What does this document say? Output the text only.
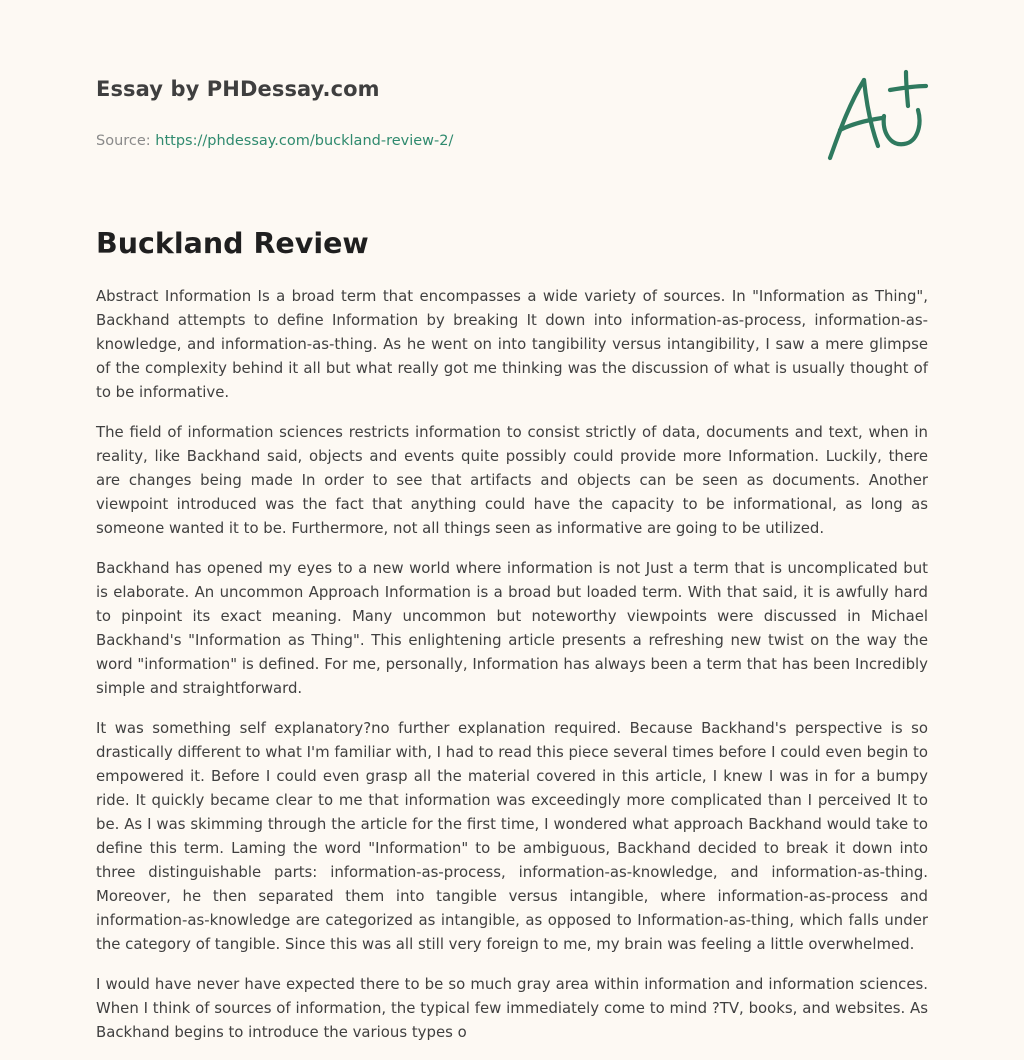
Essay by PHDessay.com
Source: https://phdessay.com/buckland-review-2/
Buckland Review

Abstract Information Is a broad term that encompasses a wide variety of sources. In "Information as Thing", Backhand attempts to define Information by breaking It down into information-as-process, information-as-knowledge, and information-as-thing. As he went on into tangibility versus intangibility, I saw a mere glimpse of the complexity behind it all but what really got me thinking was the discussion of what is usually thought of to be informative.

The field of information sciences restricts information to consist strictly of data, documents and text, when in reality, like Backhand said, objects and events quite possibly could provide more Information. Luckily, there are changes being made In order to see that artifacts and objects can be seen as documents. Another viewpoint introduced was the fact that anything could have the capacity to be informational, as long as someone wanted it to be. Furthermore, not all things seen as informative are going to be utilized.

Backhand has opened my eyes to a new world where information is not Just a term that is uncomplicated but is elaborate. An uncommon Approach Information is a broad but loaded term. With that said, it is awfully hard to pinpoint its exact meaning. Many uncommon but noteworthy viewpoints were discussed in Michael Backhand's "Information as Thing". This enlightening article presents a refreshing new twist on the way the word "information" is defined. For me, personally, Information has always been a term that has been Incredibly simple and straightforward.

It was something self explanatory?no further explanation required. Because Backhand's perspective is so drastically different to what I'm familiar with, I had to read this piece several times before I could even begin to empowered it. Before I could even grasp all the material covered in this article, I knew I was in for a bumpy ride. It quickly became clear to me that information was exceedingly more complicated than I perceived It to be. As I was skimming through the article for the first time, I wondered what approach Backhand would take to define this term. Laming the word "Information" to be ambiguous, Backhand decided to break it down into three distinguishable parts: information-as-process, information-as-knowledge, and information-as-thing. Moreover, he then separated them into tangible versus intangible, where information-as-process and information-as-knowledge are categorized as intangible, as opposed to Information-as-thing, which falls under the category of tangible. Since this was all still very foreign to me, my brain was feeling a little overwhelmed.

I would have never have expected there to be so much gray area within information and information sciences. When I think of sources of information, the typical few immediately come to mind ?TV, books, and websites. As Backhand begins to introduce the various types o
